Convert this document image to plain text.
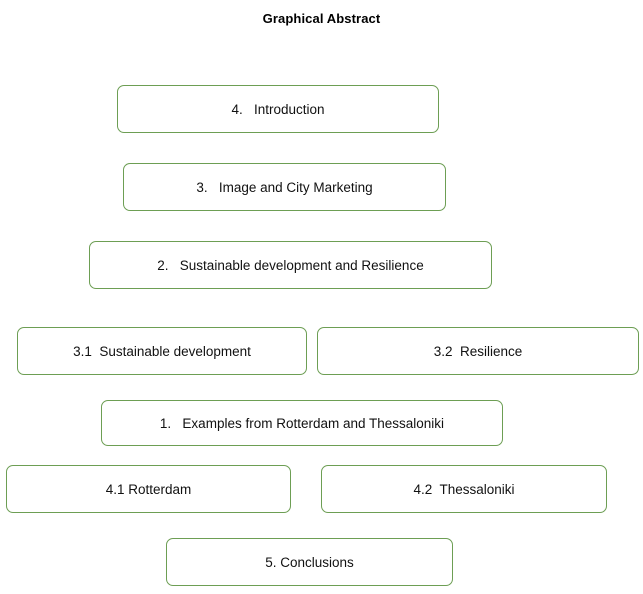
Graphical Abstract
4.   Introduction
3.   Image and City Marketing
2.   Sustainable development and Resilience
3.1  Sustainable development	3.2  Resilience
1.   Examples from Rotterdam and Thessaloniki
4.1 Rotterdam	4.2  Thessaloniki
5. Conclusions
